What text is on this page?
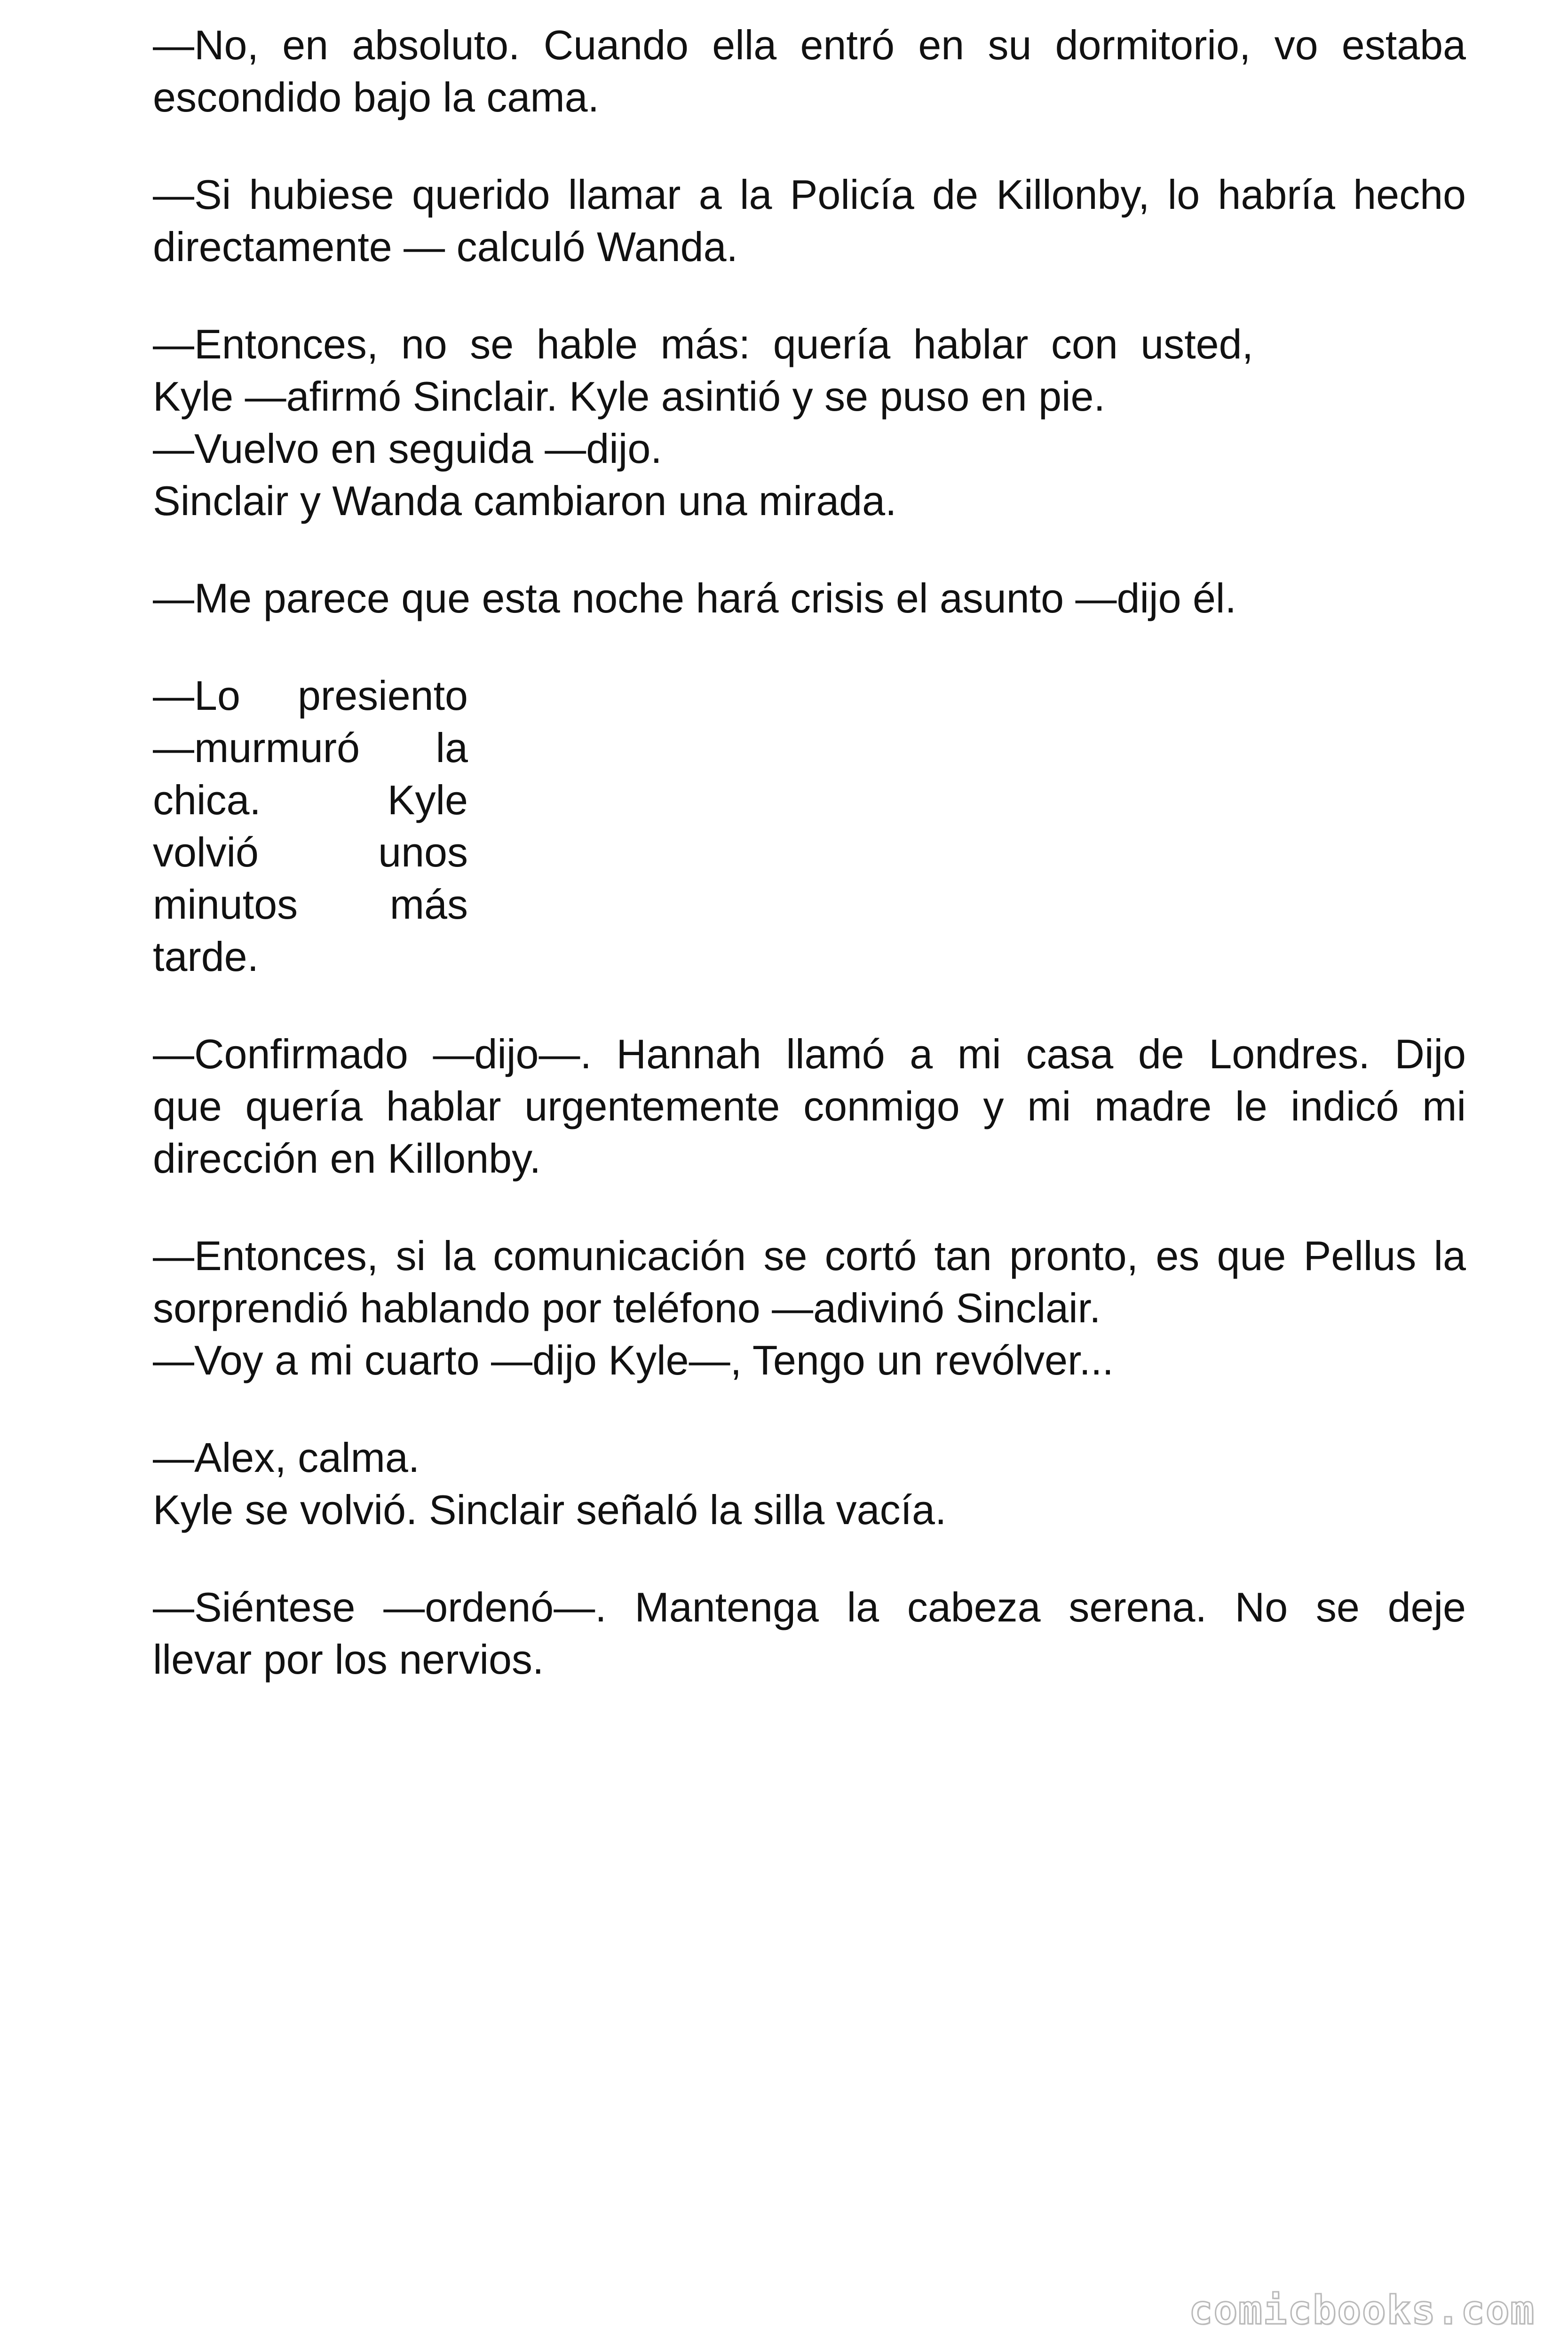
—No, en absoluto. Cuando ella entró en su dormitorio, vo estaba
escondido bajo la cama.

—Si hubiese querido llamar a la Policía de Killonby, lo habría hecho
directamente — calculó Wanda.

—Entonces, no se hable más: quería hablar con usted,
Kyle —afirmó Sinclair. Kyle asintió y se puso en pie.
—Vuelvo en seguida —dijo.
Sinclair y Wanda cambiaron una mirada.

—Me parece que esta noche hará crisis el asunto —dijo él.

—Lo presiento
—murmuró la
chica. Kyle
volvió unos
minutos más
tarde.

—Confirmado —dijo—. Hannah llamó a mi casa de Londres. Dijo
que quería hablar urgentemente conmigo y mi madre le indicó mi
dirección en Killonby.

—Entonces, si la comunicación se cortó tan pronto, es que Pellus la
sorprendió hablando por teléfono —adivinó Sinclair.
—Voy a mi cuarto —dijo Kyle—, Tengo un revólver...

—Alex, calma.
Kyle se volvió. Sinclair señaló la silla vacía.

—Siéntese —ordenó—. Mantenga la cabeza serena. No se deje
llevar por los nervios.

comicbooks.com
